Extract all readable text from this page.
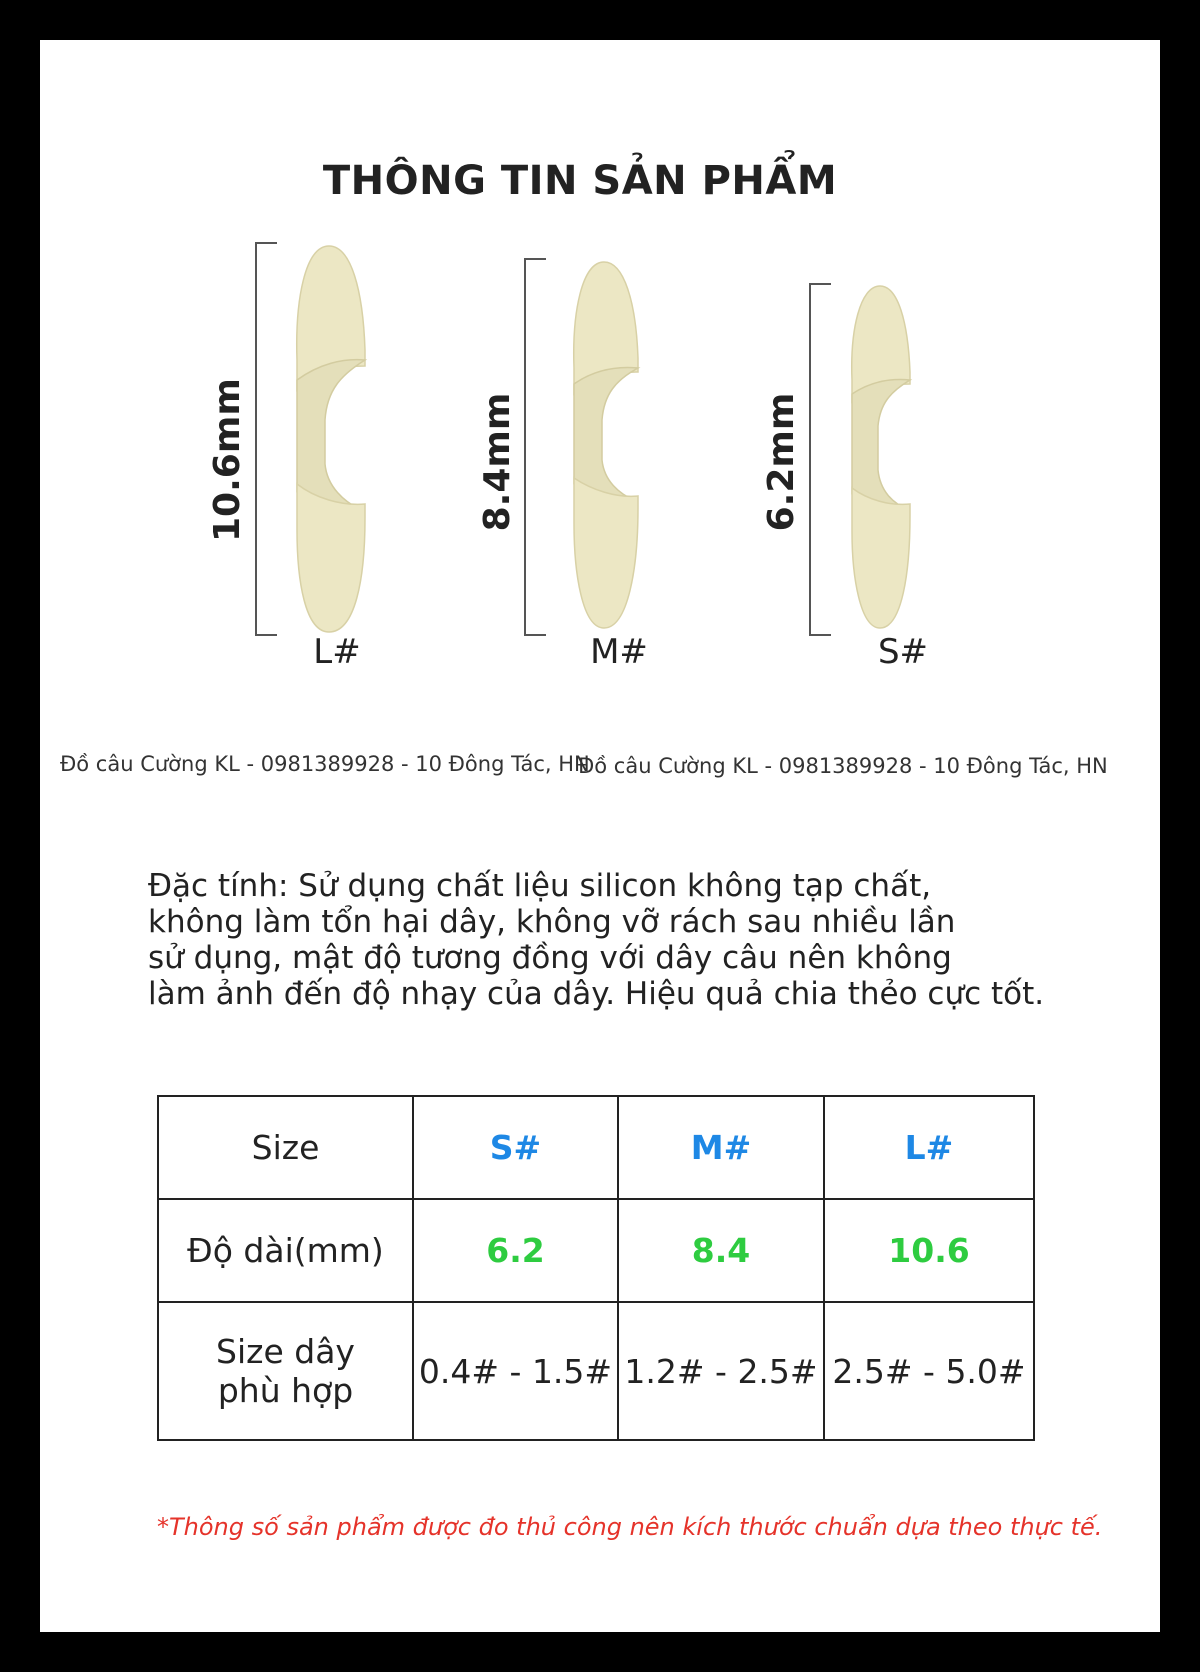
THÔNG TIN SẢN PHẨM
10.6mm
L#
8.4mm
M#
6.2mm
S#
Đồ câu Cường KL - 0981389928 - 10 Đông Tác, HN
Đồ câu Cường KL - 0981389928 - 10 Đông Tác, HN
Đặc tính: Sử dụng chất liệu silicon không tạp chất,
không làm tổn hại dây, không vỡ rách sau nhiều lần
sử dụng, mật độ tương đồng với dây câu nên không
làm ảnh đến độ nhạy của dây. Hiệu quả chia thẻo cực tốt.
Size	S#	M#	L#
Độ dài(mm)	6.2	8.4	10.6

Size dây
phù hợp	0.4# - 1.5#	1.2# - 2.5#	2.5# - 5.0#
*Thông số sản phẩm được đo thủ công nên kích thước chuẩn dựa theo thực tế.
